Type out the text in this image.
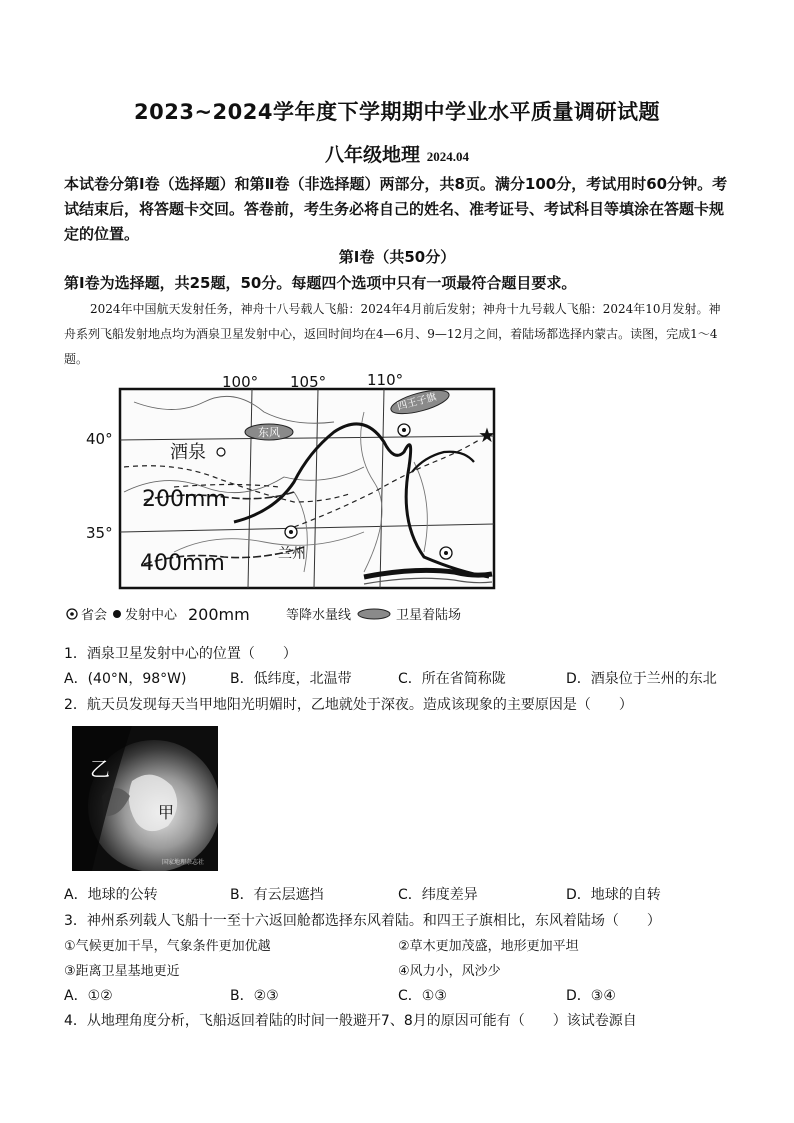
2023~2024学年度下学期期中学业水平质量调研试题
八年级地理 2024.04
本试卷分第Ⅰ卷（选择题）和第Ⅱ卷（非选择题）两部分，共8页。满分100分，考试用时60分钟。考试结束后，将答题卡交回。答卷前，考生务必将自己的姓名、准考证号、考试科目等填涂在答题卡规定的位置。
第Ⅰ卷（共50分）
第Ⅰ卷为选择题，共25题，50分。每题四个选项中只有一项最符合题目要求。
2024年中国航天发射任务，神舟十八号载人飞船：2024年4月前后发射；神舟十九号载人飞船：2024年10月发射。神舟系列飞船发射地点均为酒泉卫星发射中心，返回时间均在4—6月、9—12月之间，着陆场都选择内蒙古。读图，完成1～4题。
★
100° 105°	110°
40°
35°
酒泉
兰州
东风
四王子旗
200mm
400mm
省会 发射中心 200mm	等降水量线	卫星着陆场
1．酒泉卫星发射中心的位置（　　）
A．(40°N，98°W)	B．低纬度，北温带	C．所在省简称陇	D．酒泉位于兰州的东北
2．航天员发现每天当甲地阳光明媚时，乙地就处于深夜。造成该现象的主要原因是（　　）
乙
甲
国家地理杂志社
A．地球的公转	B．有云层遮挡	C．纬度差异	D．地球的自转
3．神州系列载人飞船十一至十六返回舱都选择东风着陆。和四王子旗相比，东风着陆场（　　）
①气候更加干旱，气象条件更加优越	②草木更加茂盛，地形更加平坦
③距离卫星基地更近	④风力小，风沙少
A．①②	B．②③	C．①③	D．③④
4．从地理角度分析，飞船返回着陆的时间一般避开7、8月的原因可能有（　　）该试卷源自
